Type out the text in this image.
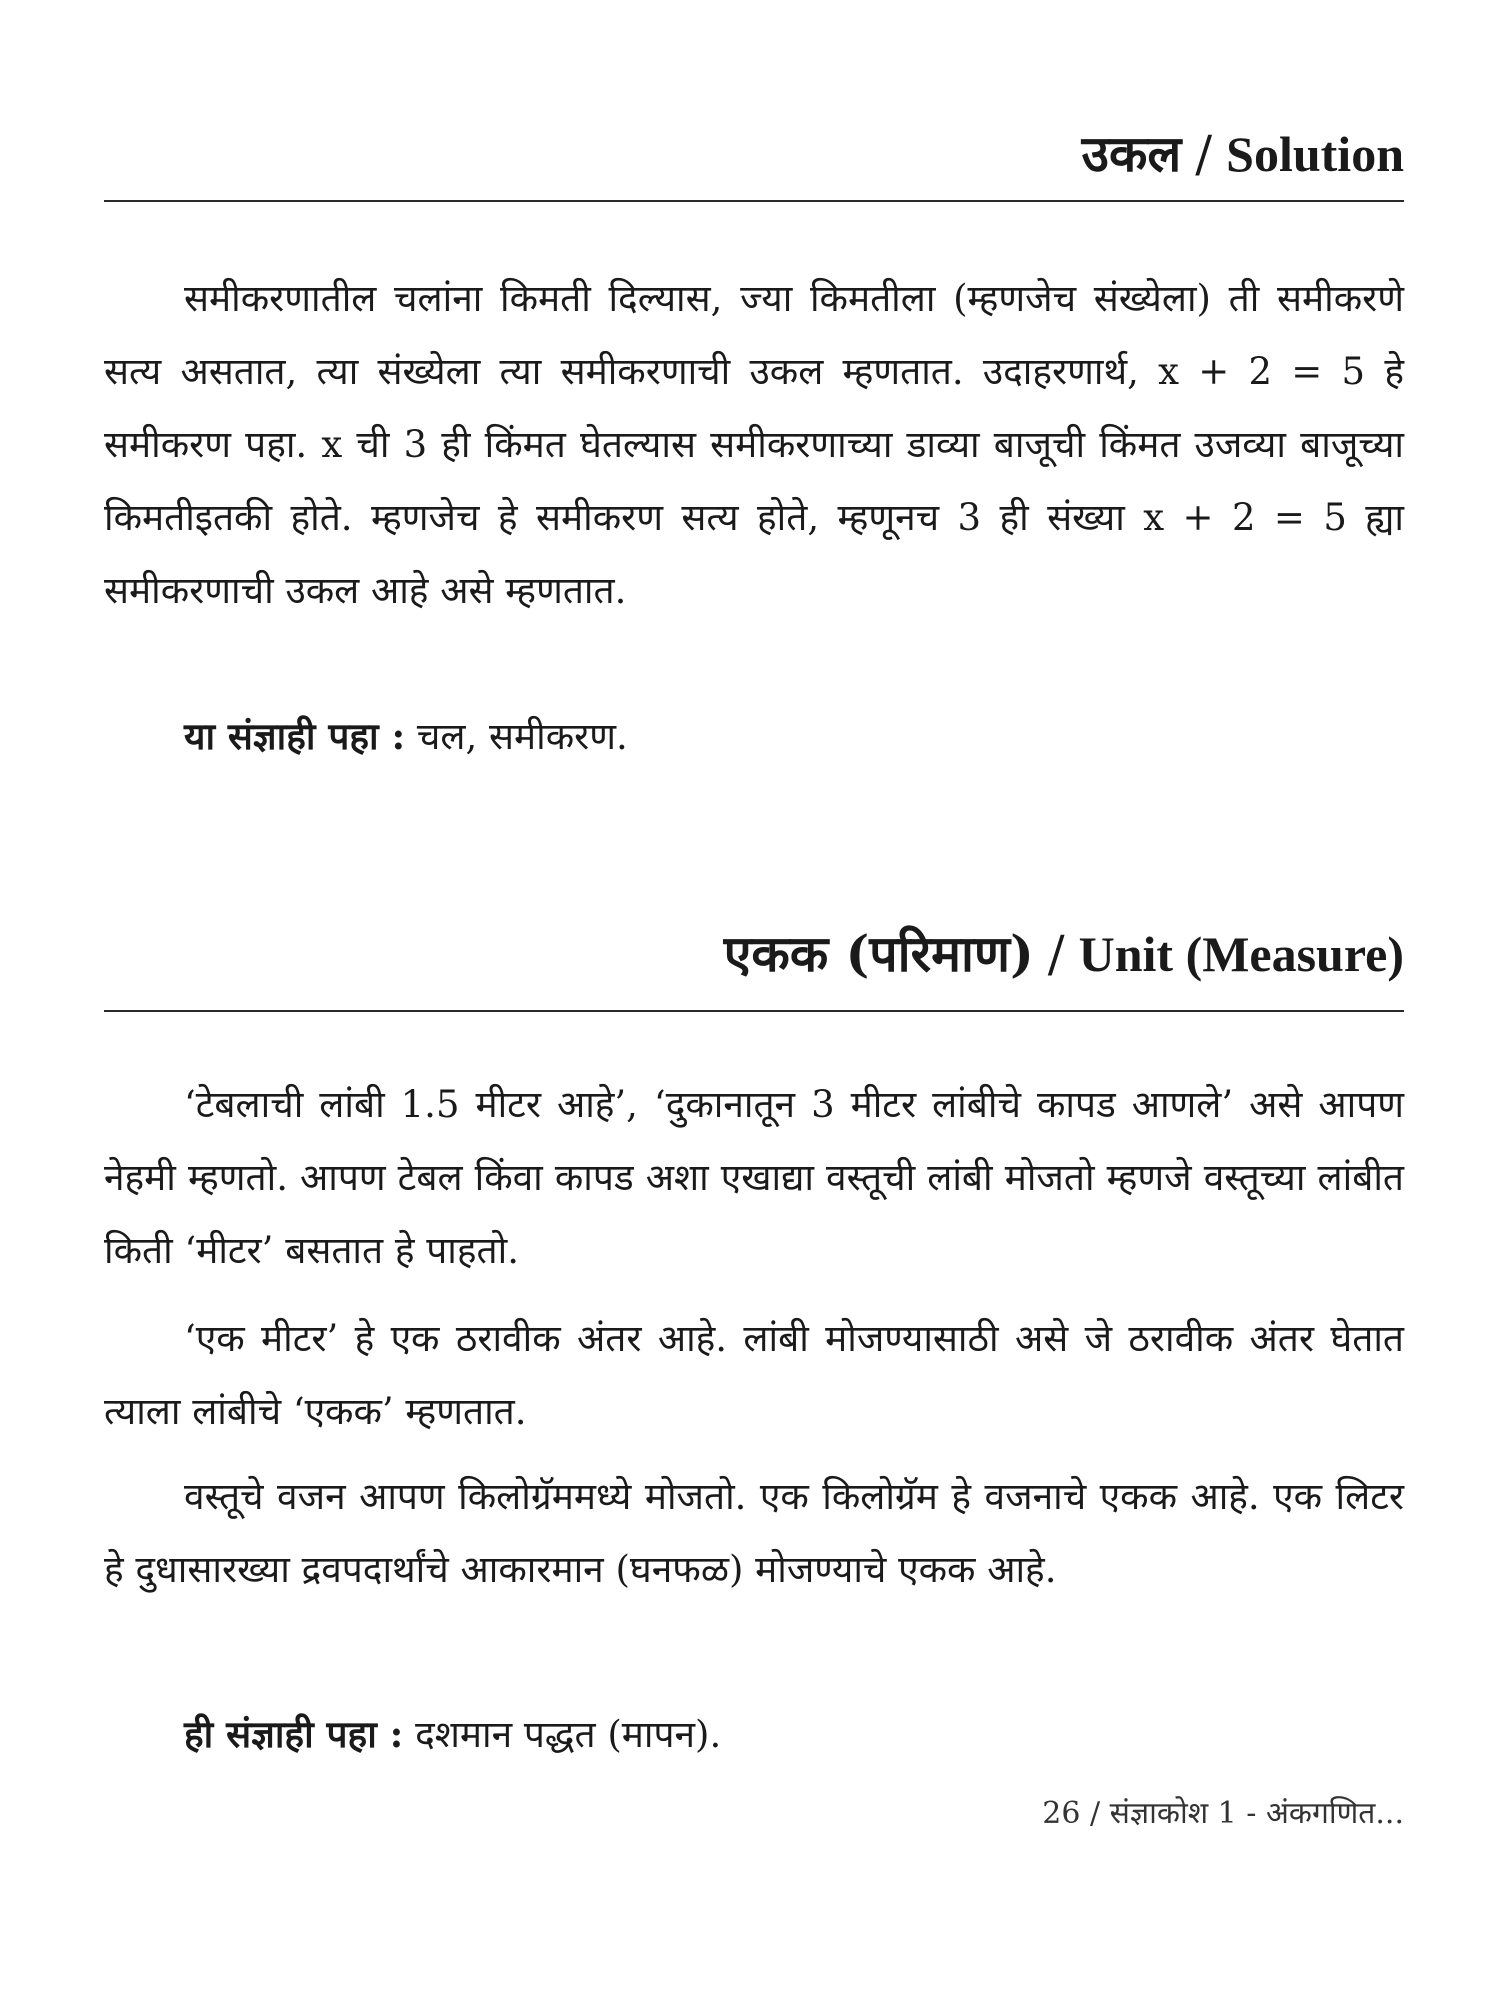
उकल / Solution

समीकरणातील चलांना किमती दिल्यास, ज्या किमतीला (म्हणजेच संख्येला) ती समीकरणे सत्य असतात, त्या संख्येला त्या समीकरणाची उकल म्हणतात. उदाहरणार्थ, x + 2 = 5 हे समीकरण पहा. x ची 3 ही किंमत घेतल्यास समीकरणाच्या डाव्या बाजूची किंमत उजव्या बाजूच्या किमतीइतकी होते. म्हणजेच हे समीकरण सत्य होते, म्हणूनच 3 ही संख्या x + 2 = 5 ह्या समीकरणाची उकल आहे असे म्हणतात.

या संज्ञाही पहा : चल, समीकरण.

एकक (परिमाण) / Unit (Measure)

‘टेबलाची लांबी 1.5 मीटर आहे’, ‘दुकानातून 3 मीटर लांबीचे कापड आणले’ असे आपण नेहमी म्हणतो. आपण टेबल किंवा कापड अशा एखाद्या वस्तूची लांबी मोजतो म्हणजे वस्तूच्या लांबीत किती ‘मीटर’ बसतात हे पाहतो.

‘एक मीटर’ हे एक ठरावीक अंतर आहे. लांबी मोजण्यासाठी असे जे ठरावीक अंतर घेतात त्याला लांबीचे ‘एकक’ म्हणतात.

वस्तूचे वजन आपण किलोग्रॅममध्ये मोजतो. एक किलोग्रॅम हे वजनाचे एकक आहे. एक लिटर हे दुधासारख्या द्रवपदार्थांचे आकारमान (घनफळ) मोजण्याचे एकक आहे.

ही संज्ञाही पहा : दशमान पद्धत (मापन).

26 / संज्ञाकोश 1 - अंकगणित...
